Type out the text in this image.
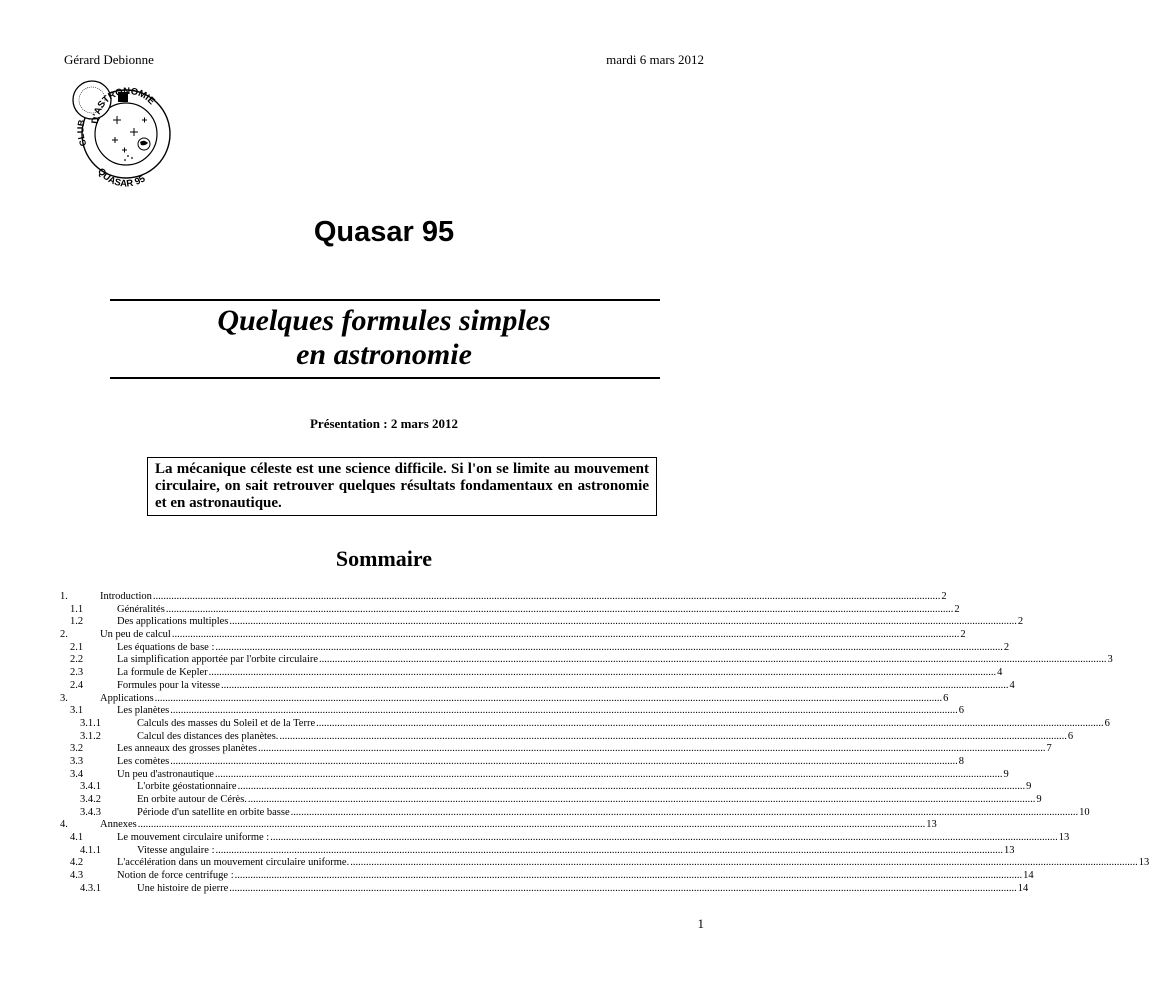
Gérard Debionne	mardi 6 mars 2012
D'ASTRONOMIE
CLUB
QUASAR 95
Quasar 95
Quelques formules simples
en astronomie
Présentation : 2 mars 2012
La mécanique céleste est une science difficile. Si l'on se limite au mouvement circulaire, on sait retrouver quelques résultats fondamentaux en astronomie et en astronautique.
Sommaire
1.	Introduction ............................................................................................................................................................................................................................................................................................................ 2
1.1	Généralités ............................................................................................................................................................................................................................................................................................................ 2
1.2	Des applications multiples ............................................................................................................................................................................................................................................................................................................ 2
2.	Un peu de calcul ............................................................................................................................................................................................................................................................................................................ 2
2.1	Les équations de base : ............................................................................................................................................................................................................................................................................................................ 2
2.2	La simplification apportée par l'orbite circulaire ............................................................................................................................................................................................................................................................................................................ 3
2.3	La formule de Kepler ............................................................................................................................................................................................................................................................................................................ 4
2.4	Formules pour la vitesse ............................................................................................................................................................................................................................................................................................................ 4
3.	Applications ............................................................................................................................................................................................................................................................................................................ 6
3.1	Les planètes ............................................................................................................................................................................................................................................................................................................ 6
3.1.1	Calculs des masses du Soleil et de la Terre ............................................................................................................................................................................................................................................................................................................ 6
3.1.2	Calcul des distances des planètes. ............................................................................................................................................................................................................................................................................................................ 6
3.2	Les anneaux des grosses planètes ............................................................................................................................................................................................................................................................................................................ 7
3.3	Les comètes ............................................................................................................................................................................................................................................................................................................ 8
3.4	Un peu d'astronautique ............................................................................................................................................................................................................................................................................................................ 9
3.4.1	L'orbite géostationnaire ............................................................................................................................................................................................................................................................................................................ 9
3.4.2	En orbite autour de Cérès. ............................................................................................................................................................................................................................................................................................................ 9
3.4.3	Période d'un satellite en orbite basse ............................................................................................................................................................................................................................................................................................................ 10
4.	Annexes ............................................................................................................................................................................................................................................................................................................ 13
4.1	Le mouvement circulaire uniforme : ............................................................................................................................................................................................................................................................................................................ 13
4.1.1	Vitesse angulaire : ............................................................................................................................................................................................................................................................................................................ 13
4.2	L'accélération dans un mouvement circulaire uniforme. ............................................................................................................................................................................................................................................................................................................ 13
4.3	Notion de force centrifuge : ............................................................................................................................................................................................................................................................................................................ 14
4.3.1	Une histoire de pierre ............................................................................................................................................................................................................................................................................................................ 14
1
